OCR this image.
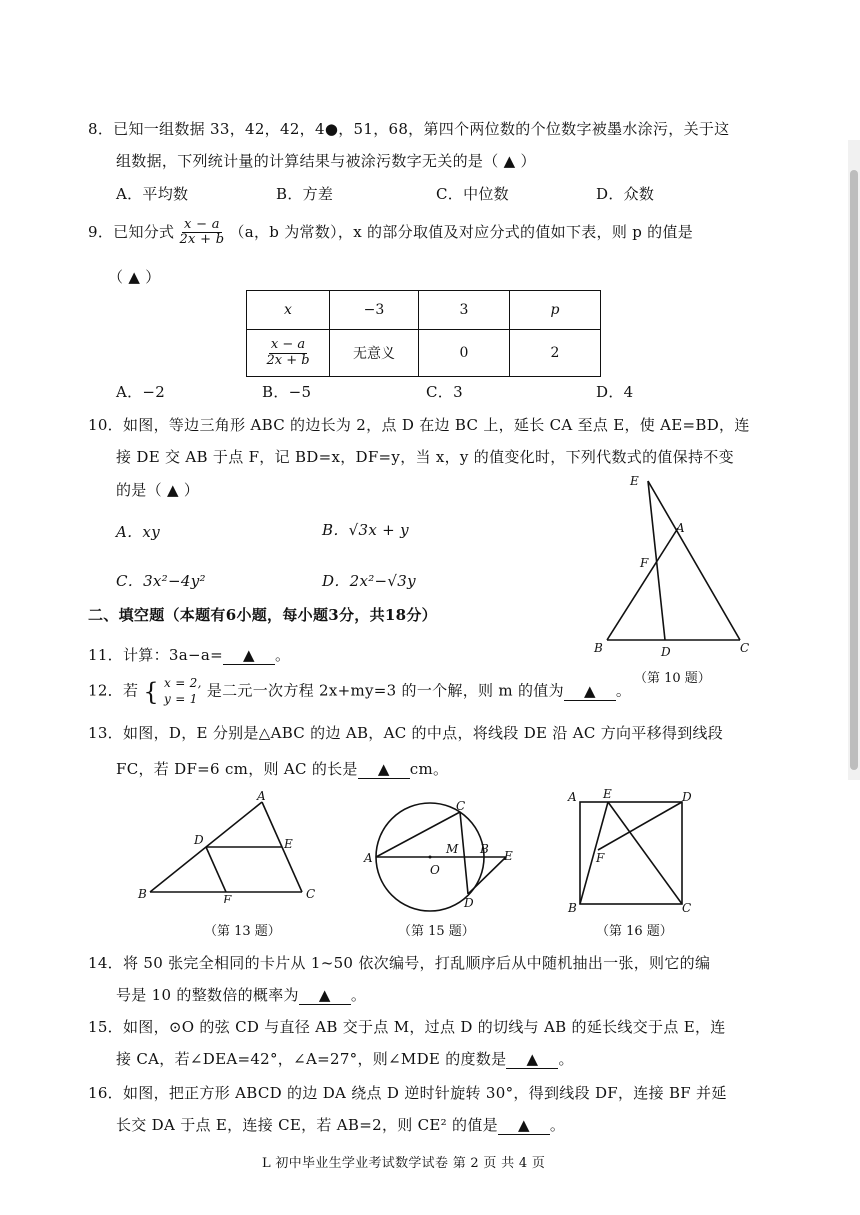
8．已知一组数据 33，42，42，4●，51，68，第四个两位数的个位数字被墨水涂污，关于这
组数据，下列统计量的计算结果与被涂污数字无关的是（ ▲ ）
A．平均数	B．方差	C．中位数	D．众数
9．已知分式 $\frac{x - a}{2x + b} (a$，b 为常数），x 的部分取值及对应分式的值如下表，则 p 的值是
（ ▲ ）
x	−3	3	p

$\frac{x - a}{2x + b}$	无意义	0	2
A．−2	B．−5	C．3	D．4
10．如图，等边三角形 ABC 的边长为 2，点 D 在边 BC 上，延长 CA 至点 E，使 AE=BD，连
接 DE 交 AB 于点 F，记 BD=x，DF=y，当 x，y 的值变化时，下列代数式的值保持不变
的是（ ▲ ）
A．xy	B．√3x + y
C．3x²−4y²	D．2x²−√3y
E
A
F
B	D	C
（第 10 题）
二、填空题（本题有6小题，每小题3分，共18分）
11．计算：3a−a= ▲ 。
12．若 { x = 2,
y = 1 是二元一次方程 2x+my=3 的一个解，则 m 的值为 ▲ 。
13．如图，D，E 分别是△ABC 的边 AB，AC 的中点，将线段 DE 沿 AC 方向平移得到线段
FC，若 DF=6 cm，则 AC 的长是 ▲ cm。
A
D	E
B	F	C
（第 13 题）
C
A
O
M B E
D
（第 15 题）
A E	D
F
B	C
（第 16 题）
14．将 50 张完全相同的卡片从 1~50 依次编号，打乱顺序后从中随机抽出一张，则它的编
号是 10 的整数倍的概率为 ▲ 。
15．如图，⊙O 的弦 CD 与直径 AB 交于点 M，过点 D 的切线与 AB 的延长线交于点 E，连
接 CA，若∠DEA=42°，∠A=27°，则∠MDE 的度数是 ▲ 。
16．如图，把正方形 ABCD 的边 DA 绕点 D 逆时针旋转 30°，得到线段 DF，连接 BF 并延
长交 DA 于点 E，连接 CE，若 AB=2，则 CE² 的值是 ▲ 。
L 初中毕业生学业考试数学试卷 第 2 页 共 4 页
